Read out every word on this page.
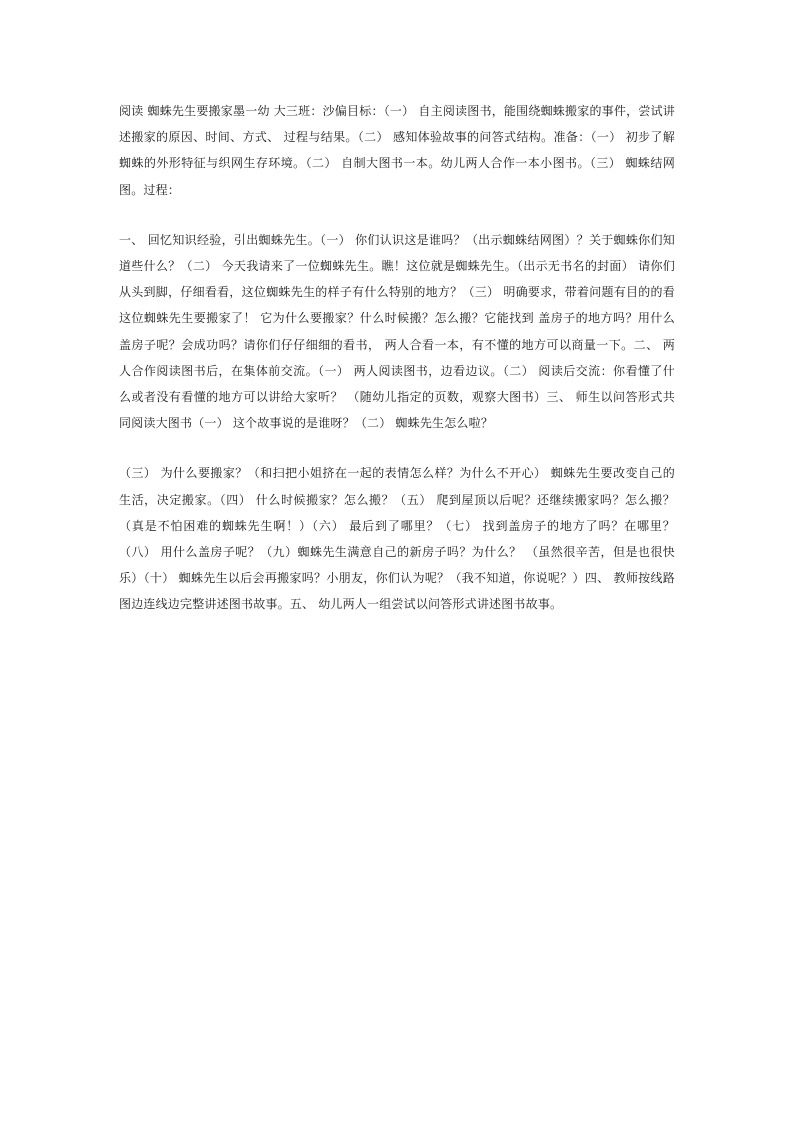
阅读 蜘蛛先生要搬家墨一幼 大三班：沙偏目标：（一） 自主阅读图书，能围绕蜘蛛搬家的事件，尝试讲述搬家的原因、时间、方式、 过程与结果。（二） 感知体验故事的问答式结构。准备：（一） 初步了解蜘蛛的外形特征与织网生存环境。（二） 自制大图书一本。幼儿两人合作一本小图书。（三） 蜘蛛结网图。过程：

一、 回忆知识经验，引出蜘蛛先生。（一） 你们认识这是谁吗？（出示蜘蛛结网图）？关于蜘蛛你们知道些什么？（二） 今天我请来了一位蜘蛛先生。瞧！这位就是蜘蛛先生。（出示无书名的封面） 请你们从头到脚，仔细看看，这位蜘蛛先生的样子有什么特别的地方？（三） 明确要求，带着问题有目的的看这位蜘蛛先生要搬家了！ 它为什么要搬家？什么时候搬？怎么搬？它能找到 盖房子的地方吗？用什么盖房子呢？会成功吗？请你们仔仔细细的看书， 两人合看一本，有不懂的地方可以商量一下。二、 两人合作阅读图书后，在集体前交流。（一） 两人阅读图书，边看边议。（二） 阅读后交流：你看懂了什么或者没有看懂的地方可以讲给大家听？ （随幼儿指定的页数，观察大图书）三、 师生以问答形式共同阅读大图书（一） 这个故事说的是谁呀？（二） 蜘蛛先生怎么啦？

（三） 为什么要搬家？（和扫把小姐挤在一起的表情怎么样？为什么不开心） 蜘蛛先生要改变自己的生活，决定搬家。（四） 什么时候搬家？怎么搬？（五） 爬到屋顶以后呢？还继续搬家吗？怎么搬？（真是不怕困难的蜘蛛先生啊！）（六） 最后到了哪里？（七） 找到盖房子的地方了吗？在哪里？（八） 用什么盖房子呢？（九）蜘蛛先生满意自己的新房子吗？为什么？ （虽然很辛苦，但是也很快乐）（十） 蜘蛛先生以后会再搬家吗？小朋友，你们认为呢？（我不知道，你说呢？）四、 教师按线路图边连线边完整讲述图书故事。五、 幼儿两人一组尝试以问答形式讲述图书故事。
